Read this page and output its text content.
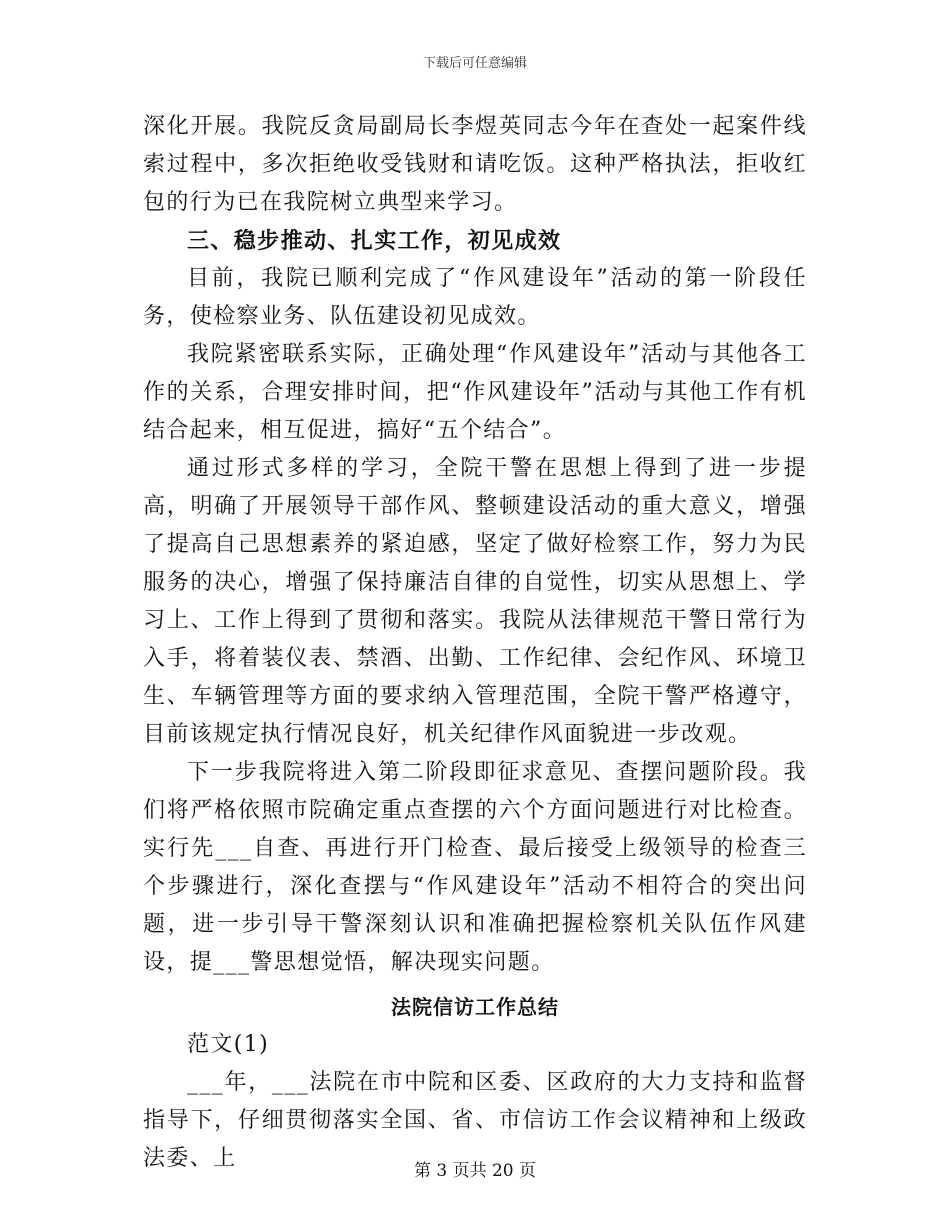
下载后可任意编辑

深化开展。我院反贪局副局长李煜英同志今年在查处一起案件线索过程中，多次拒绝收受钱财和请吃饭。这种严格执法，拒收红包的行为已在我院树立典型来学习。

三、稳步推动、扎实工作，初见成效

目前，我院已顺利完成了“作风建设年”活动的第一阶段任务，使检察业务、队伍建设初见成效。

我院紧密联系实际，正确处理“作风建设年”活动与其他各工作的关系，合理安排时间，把“作风建设年”活动与其他工作有机结合起来，相互促进，搞好“五个结合”。

通过形式多样的学习，全院干警在思想上得到了进一步提高，明确了开展领导干部作风、整顿建设活动的重大意义，增强了提高自己思想素养的紧迫感，坚定了做好检察工作，努力为民服务的决心，增强了保持廉洁自律的自觉性，切实从思想上、学习上、工作上得到了贯彻和落实。我院从法律规范干警日常行为入手，将着装仪表、禁酒、出勤、工作纪律、会纪作风、环境卫生、车辆管理等方面的要求纳入管理范围，全院干警严格遵守，目前该规定执行情况良好，机关纪律作风面貌进一步改观。

下一步我院将进入第二阶段即征求意见、查摆问题阶段。我们将严格依照市院确定重点查摆的六个方面问题进行对比检查。实行先___自查、再进行开门检查、最后接受上级领导的检查三个步骤进行，深化查摆与“作风建设年”活动不相符合的突出问题，进一步引导干警深刻认识和准确把握检察机关队伍作风建设，提___警思想觉悟，解决现实问题。

法院信访工作总结

范文(1)

___年，___法院在市中院和区委、区政府的大力支持和监督指导下，仔细贯彻落实全国、省、市信访工作会议精神和上级政法委、上	第 3 页共 20 页
